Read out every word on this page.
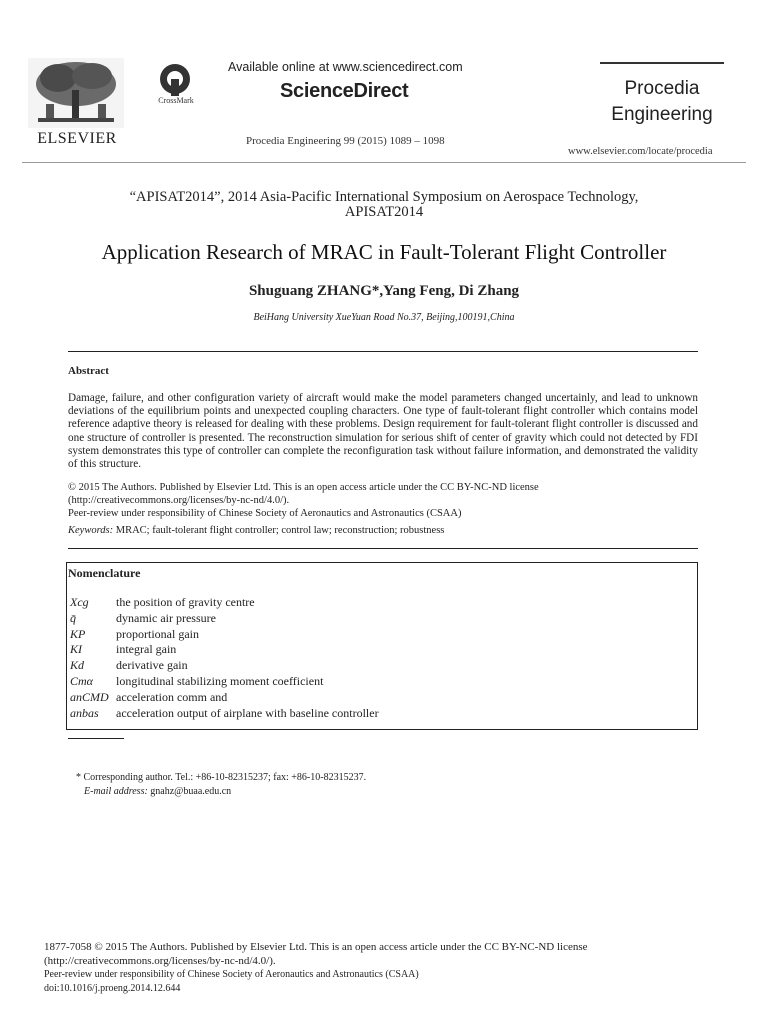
ELSEVIER
CrossMark
Available online at www.sciencedirect.com
ScienceDirect
Procedia Engineering 99 (2015) 1089 – 1098
Procedia
Engineering
www.elsevier.com/locate/procedia
“APISAT2014”, 2014 Asia-Pacific International Symposium on Aerospace Technology,
APISAT2014
Application Research of MRAC in Fault-Tolerant Flight Controller
Shuguang ZHANG*,Yang Feng, Di Zhang
BeiHang University XueYuan Road No.37, Beijing,100191,China
Abstract
Damage, failure, and other configuration variety of aircraft would make the model parameters changed uncertainly, and lead to unknown deviations of the equilibrium points and unexpected coupling characters. One type of fault-tolerant flight controller which contains model reference adaptive theory is released for dealing with these problems. Design requirement for fault-tolerant flight controller is discussed and one structure of controller is presented. The reconstruction simulation for serious shift of center of gravity which could not detected by FDI system demonstrates this type of controller can complete the reconfiguration task without failure information, and demonstrated the validity of this structure.
© 2015 The Authors. Published by Elsevier Ltd. This is an open access article under the CC BY-NC-ND license
(http://creativecommons.org/licenses/by-nc-nd/4.0/).
Peer-review under responsibility of Chinese Society of Aeronautics and Astronautics (CSAA)
Keywords: MRAC; fault-tolerant flight controller; control law; reconstruction; robustness
Nomenclature
Xcg	the position of gravity centre
q̄	dynamic air pressure
KP	proportional gain
KI	integral gain
Kd	derivative gain
Cmα	longitudinal stabilizing moment coefficient
anCMD acceleration comm and
anbas	acceleration output of airplane with baseline controller
* Corresponding author. Tel.: +86-10-82315237; fax: +86-10-82315237.
E-mail address: gnahz@buaa.edu.cn
1877-7058 © 2015 The Authors. Published by Elsevier Ltd. This is an open access article under the CC BY-NC-ND license
(http://creativecommons.org/licenses/by-nc-nd/4.0/).
Peer-review under responsibility of Chinese Society of Aeronautics and Astronautics (CSAA)
doi:10.1016/j.proeng.2014.12.644
